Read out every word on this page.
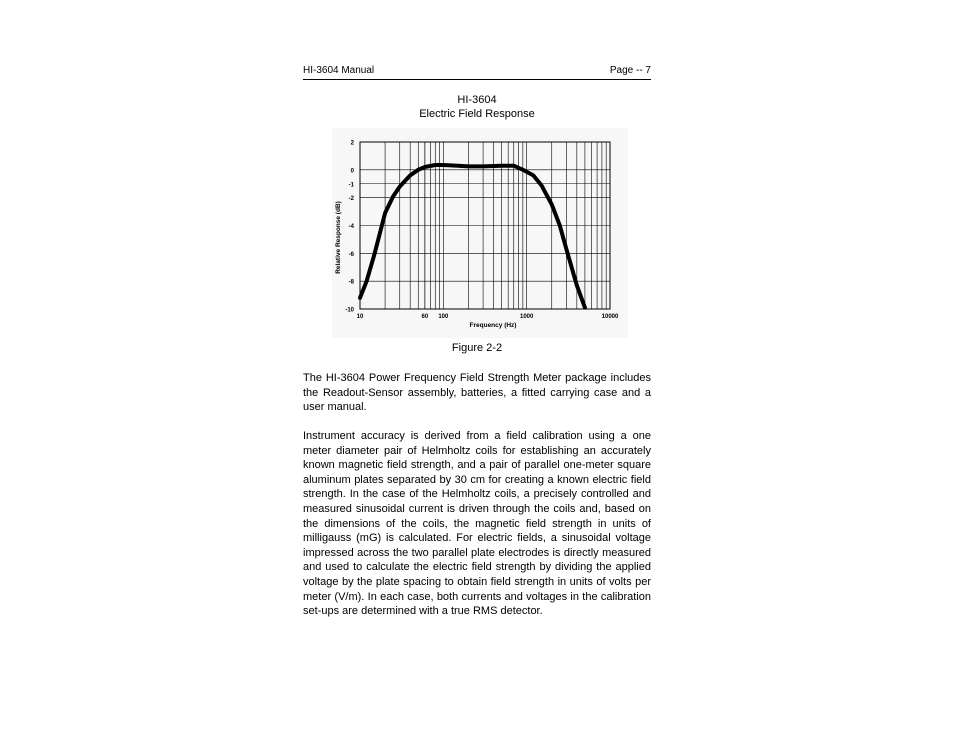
HI-3604 Manual	Page -- 7
HI-3604
Electric Field Response
2
0
-1
-2
-4
-6
-8
-10
10	60 100	1000	10000
Frequency (Hz)
Relative Response (dB)
Figure 2-2

The HI-3604 Power Frequency Field Strength Meter package includes the Readout-Sensor assembly, batteries, a fitted carrying case and a user manual.

Instrument accuracy is derived from a field calibration using a one meter diameter pair of Helmholtz coils for establishing an accurately known magnetic field strength, and a pair of parallel one-meter square aluminum plates separated by 30 cm for creating a known electric field strength. In the case of the Helmholtz coils, a precisely controlled and measured sinusoidal current is driven through the coils and, based on the dimensions of the coils, the magnetic field strength in units of milligauss (mG) is calculated. For electric fields, a sinusoidal voltage impressed across the two parallel plate electrodes is directly measured and used to calculate the electric field strength by dividing the applied voltage by the plate spacing to obtain field strength in units of volts per meter (V/m). In each case, both currents and voltages in the calibration set-ups are determined with a true RMS detector.
